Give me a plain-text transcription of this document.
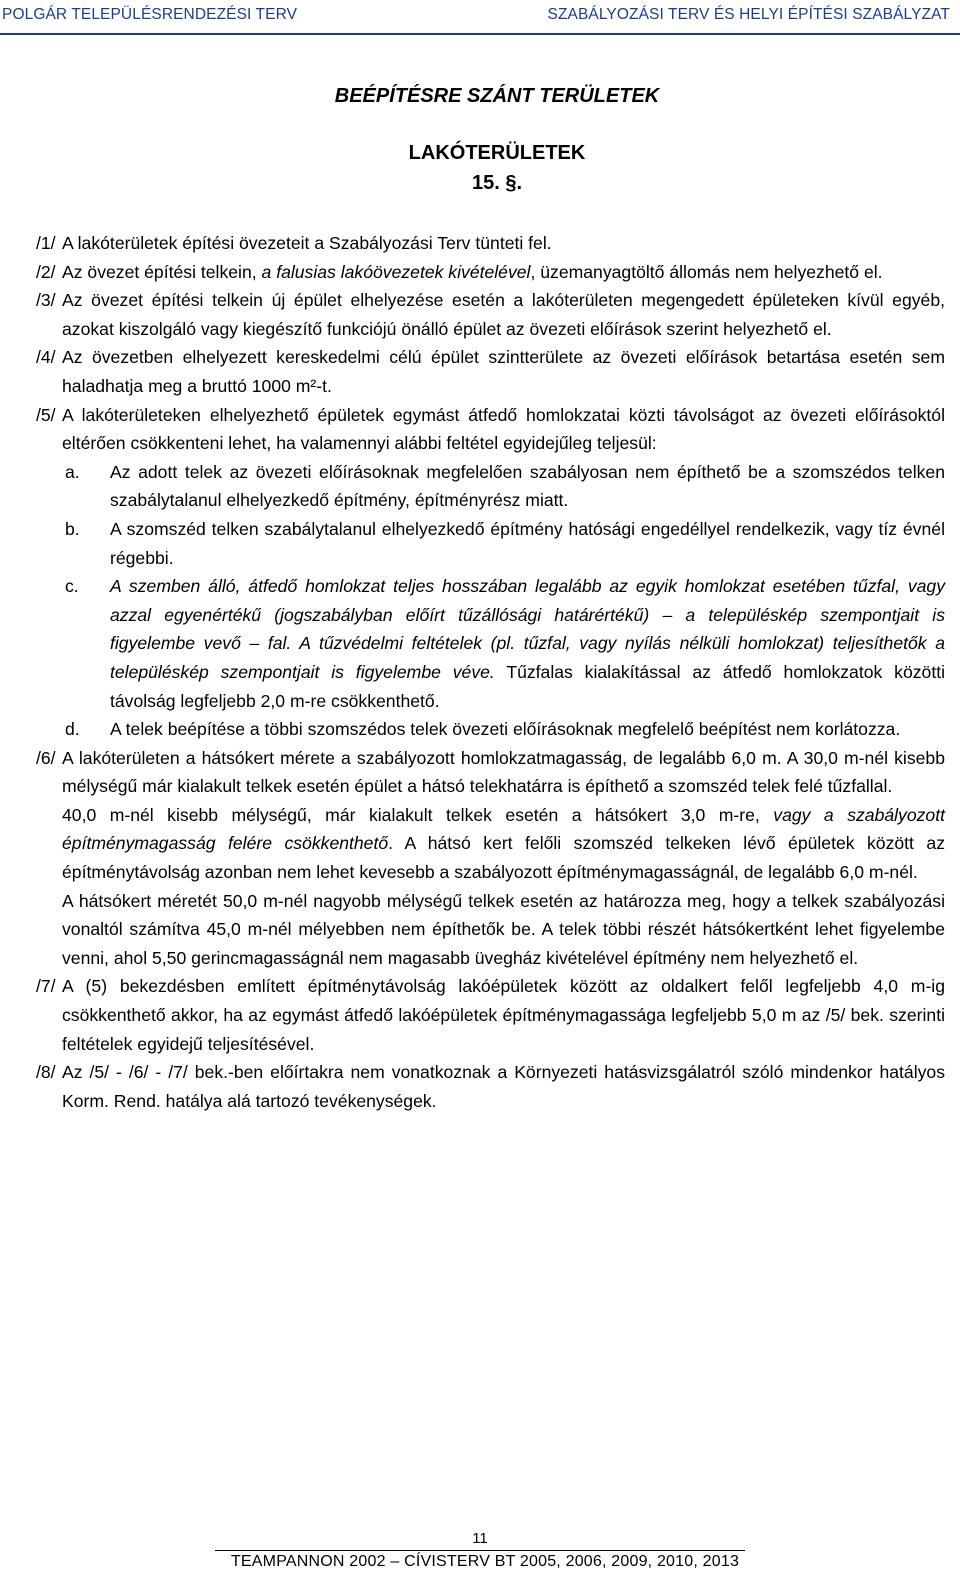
POLGÁR TELEPÜLÉSRENDEZÉSI TERV	SZABÁLYOZÁSI TERV ÉS HELYI ÉPÍTÉSI SZABÁLYZAT
BEÉPÍTÉSRE SZÁNT TERÜLETEK
LAKÓTERÜLETEK
15. §.
/1/ A lakóterületek építési övezeteit a Szabályozási Terv tünteti fel.

/2/ Az övezet építési telkein, a falusias lakóövezetek kivételével, üzemanyagtöltő állomás nem helyezhető el.

/3/ Az övezet építési telkein új épület elhelyezése esetén a lakóterületen megengedett épületeken kívül egyéb, azokat kiszolgáló vagy kiegészítő funkciójú önálló épület az övezeti előírások szerint helyezhető el.

/4/ Az övezetben elhelyezett kereskedelmi célú épület szintterülete az övezeti előírások betartása esetén sem haladhatja meg a bruttó 1000 m²-t.

/5/ A lakóterületeken elhelyezhető épületek egymást átfedő homlokzatai közti távolságot az övezeti előírásoktól eltérően csökkenteni lehet, ha valamennyi alábbi feltétel egyidejűleg teljesül:

a. Az adott telek az övezeti előírásoknak megfelelően szabályosan nem építhető be a szomszédos telken szabálytalanul elhelyezkedő építmény, építményrész miatt.

b. A szomszéd telken szabálytalanul elhelyezkedő építmény hatósági engedéllyel rendelkezik, vagy tíz évnél régebbi.

c. A szemben álló, átfedő homlokzat teljes hosszában legalább az egyik homlokzat esetében tűzfal, vagy azzal egyenértékű (jogszabályban előírt tűzállósági határértékű) – a településkép szempontjait is figyelembe vevő – fal. A tűzvédelmi feltételek (pl. tűzfal, vagy nyílás nélküli homlokzat) teljesíthetők a településkép szempontjait is figyelembe véve. Tűzfalas kialakítással az átfedő homlokzatok közötti távolság legfeljebb 2,0 m-re csökkenthető.

d. A telek beépítése a többi szomszédos telek övezeti előírásoknak megfelelő beépítést nem korlátozza.

/6/ A lakóterületen a hátsókert mérete a szabályozott homlokzatmagasság, de legalább 6,0 m. A 30,0 m-nél kisebb mélységű már kialakult telkek esetén épület a hátsó telekhatárra is építhető a szomszéd telek felé tűzfallal.

40,0 m-nél kisebb mélységű, már kialakult telkek esetén a hátsókert 3,0 m-re, vagy a szabályozott építménymagasság felére csökkenthető. A hátsó kert felőli szomszéd telkeken lévő épületek között az építménytávolság azonban nem lehet kevesebb a szabályozott építménymagasságnál, de legalább 6,0 m-nél.

A hátsókert méretét 50,0 m-nél nagyobb mélységű telkek esetén az határozza meg, hogy a telkek szabályozási vonaltól számítva 45,0 m-nél mélyebben nem építhetők be. A telek többi részét hátsókertként lehet figyelembe venni, ahol 5,50 gerincmagasságnál nem magasabb üvegház kivételével építmény nem helyezhető el.

/7/ A (5) bekezdésben említett építménytávolság lakóépületek között az oldalkert felől legfeljebb 4,0 m-ig csökkenthető akkor, ha az egymást átfedő lakóépületek építménymagassága legfeljebb 5,0 m az /5/ bek. szerinti feltételek egyidejű teljesítésével.

/8/ Az /5/ - /6/ - /7/ bek.-ben előírtakra nem vonatkoznak a Környezeti hatásvizsgálatról szóló mindenkor hatályos Korm. Rend. hatálya alá tartozó tevékenységek.

11
TEAMPANNON 2002 – CÍVISTERV BT 2005, 2006, 2009, 2010, 2013
